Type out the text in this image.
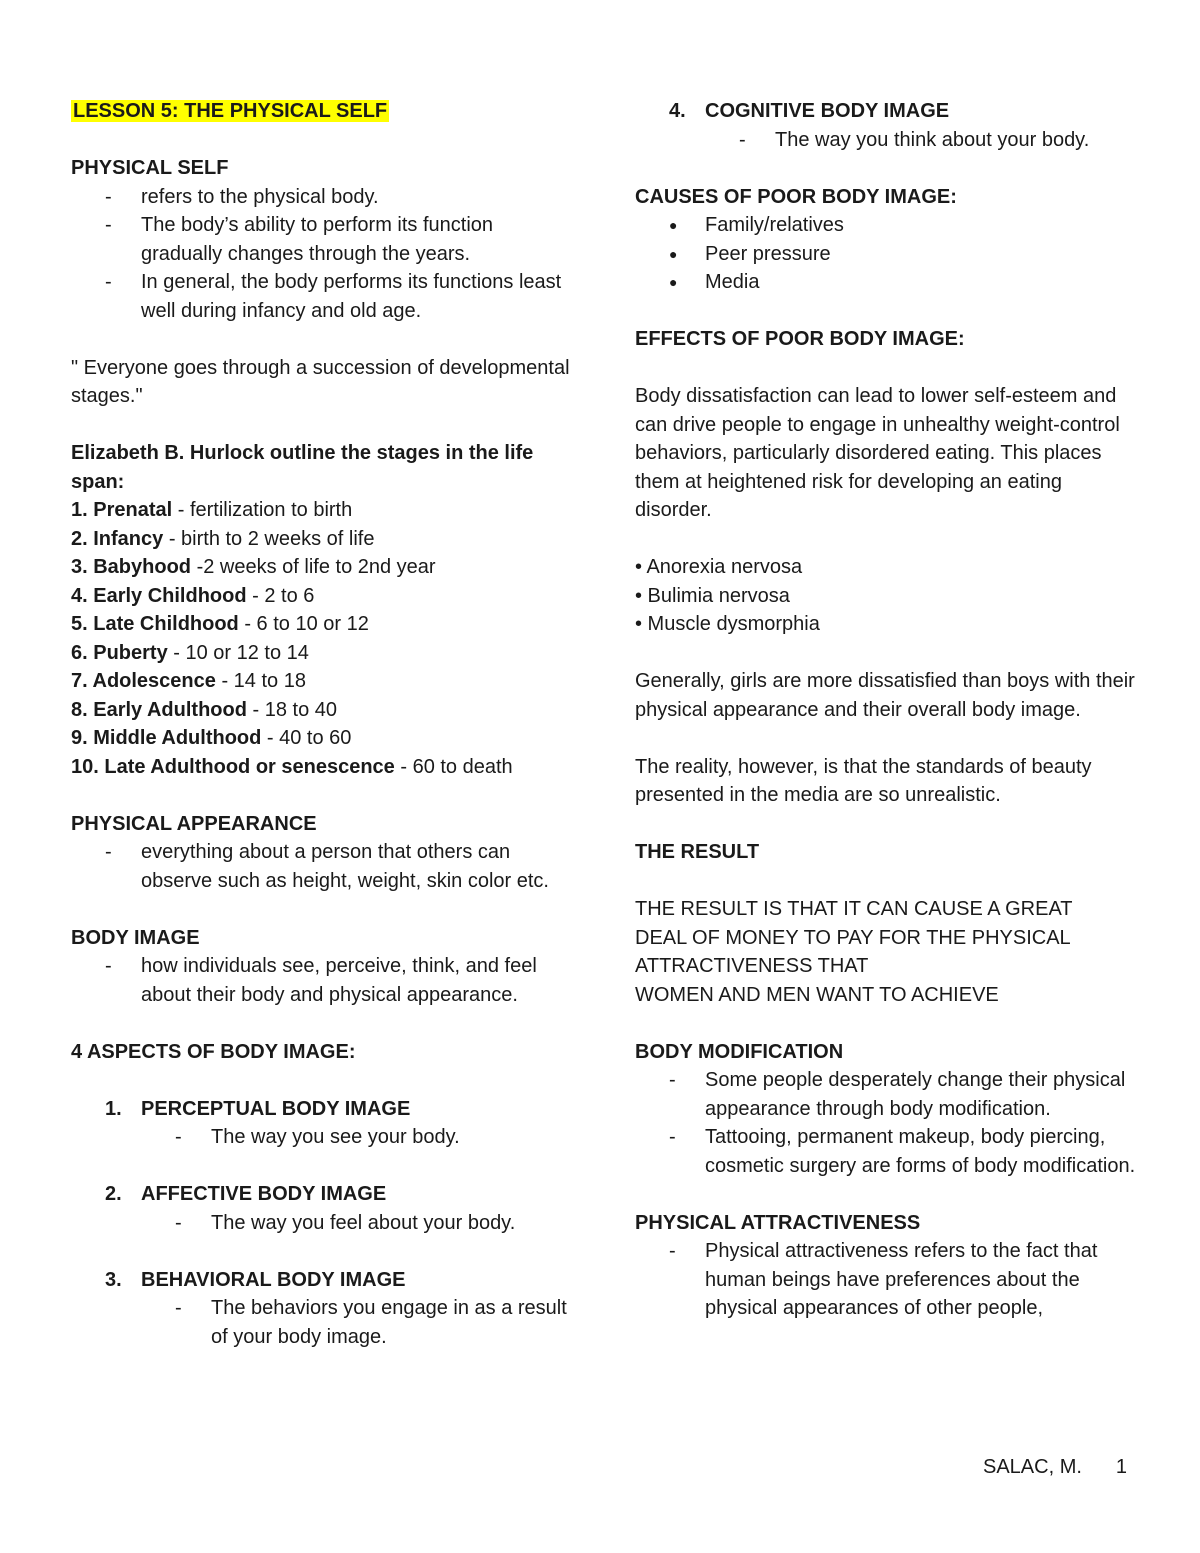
LESSON 5: THE PHYSICAL SELF

PHYSICAL SELF

- refers to the physical body.
- The body’s ability to perform its function gradually changes through the years.
- In general, the body performs its functions least well during infancy and old age.

" Everyone goes through a succession of developmental stages."

Elizabeth B. Hurlock outline the stages in the life span:

1. Prenatal - fertilization to birth

2. Infancy - birth to 2 weeks of life

3. Babyhood -2 weeks of life to 2nd year

4. Early Childhood - 2 to 6

5. Late Childhood - 6 to 10 or 12

6. Puberty - 10 or 12 to 14

7. Adolescence - 14 to 18

8. Early Adulthood - 18 to 40

9. Middle Adulthood - 40 to 60

10. Late Adulthood or senescence - 60 to death

PHYSICAL APPEARANCE

- everything about a person that others can observe such as height, weight, skin color etc.

BODY IMAGE

- how individuals see, perceive, think, and feel about their body and physical appearance.

4 ASPECTS OF BODY IMAGE:

1. PERCEPTUAL BODY IMAGE
- The way you see your body.
2. AFFECTIVE BODY IMAGE
- The way you feel about your body.
3. BEHAVIORAL BODY IMAGE
- The behaviors you engage in as a result of your body image.
4. COGNITIVE BODY IMAGE
- The way you think about your body.

CAUSES OF POOR BODY IMAGE:

● Family/relatives
● Peer pressure
● Media

EFFECTS OF POOR BODY IMAGE:

Body dissatisfaction can lead to lower self-esteem and can drive people to engage in unhealthy weight-control behaviors, particularly disordered eating. This places them at heightened risk for developing an eating disorder.

• Anorexia nervosa

• Bulimia nervosa

• Muscle dysmorphia

Generally, girls are more dissatisfied than boys with their physical appearance and their overall body image.

The reality, however, is that the standards of beauty presented in the media are so unrealistic.

THE RESULT

THE RESULT IS THAT IT CAN CAUSE A GREAT

DEAL OF MONEY TO PAY FOR THE PHYSICAL

ATTRACTIVENESS THAT

WOMEN AND MEN WANT TO ACHIEVE

BODY MODIFICATION

- Some people desperately change their physical appearance through body modification.
- Tattooing, permanent makeup, body piercing, cosmetic surgery are forms of body modification.

PHYSICAL ATTRACTIVENESS

- Physical attractiveness refers to the fact that human beings have preferences about the physical appearances of other people,
SALAC, M. 1
